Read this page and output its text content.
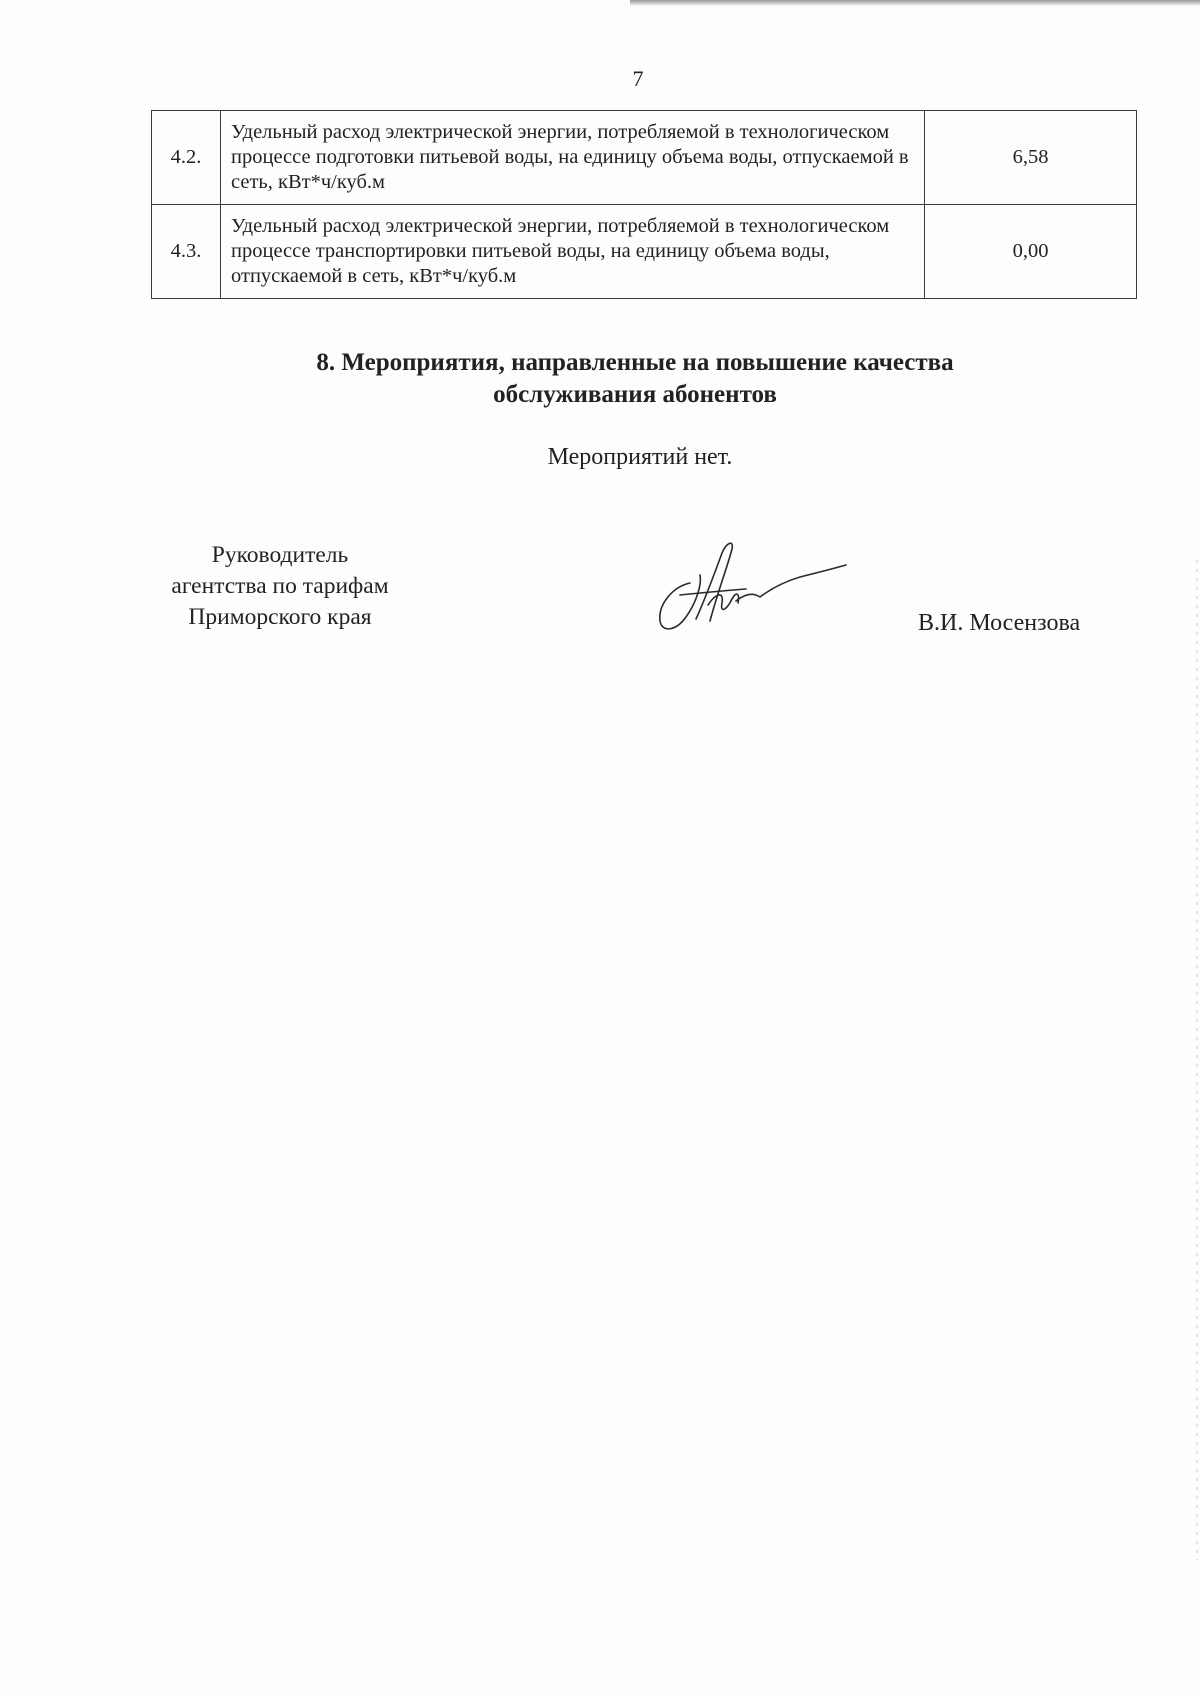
7
4.2.	Удельный расход электрической энергии, потребляемой в технологическом процессе подготовки питьевой воды, на единицу объема воды, отпускаемой в сеть, кВт*ч/куб.м	6,58
4.3.	Удельный расход электрической энергии, потребляемой в технологическом процессе транспортировки питьевой воды, на единицу объема воды, отпускаемой в сеть, кВт*ч/куб.м	0,00
8. Мероприятия, направленные на повышение качества
обслуживания абонентов
Мероприятий нет.
Руководитель
агентства по тарифам
Приморского края	В.И. Мосензова
